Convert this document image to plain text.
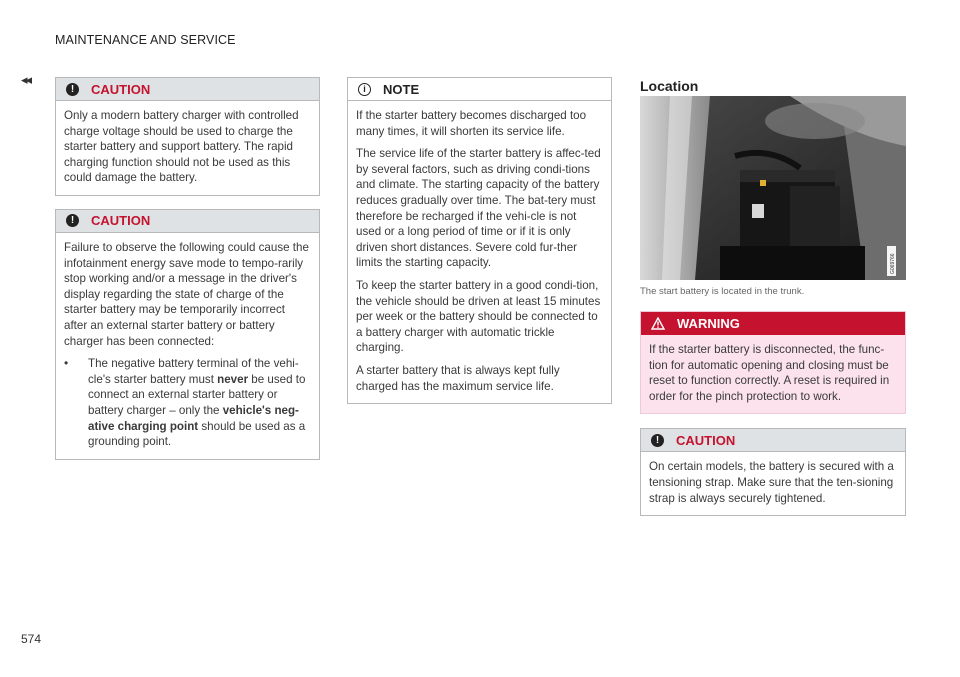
MAINTENANCE AND SERVICE
◂◂
574
!	CAUTION

Only a modern battery charger with controlled charge voltage should be used to charge the starter battery and support battery. The rapid charging function should not be used as this could damage the battery.

!	CAUTION

Failure to observe the following could cause the infotainment energy save mode to tempo-rarily stop working and/or a message in the driver's display regarding the state of charge of the starter battery may be temporarily incorrect after an external starter battery or battery charger has been connected:

•	The negative battery terminal of the vehi-cle's starter battery must never be used to connect an external starter battery or battery charger – only the vehicle's neg-ative charging point should be used as a grounding point.
i	NOTE

If the starter battery becomes discharged too many times, it will shorten its service life.

The service life of the starter battery is affec-ted by several factors, such as driving condi-tions and climate. The starting capacity of the battery reduces gradually over time. The bat-tery must therefore be recharged if the vehi-cle is not used or a long period of time or if it is only driven short distances. Severe cold fur-ther limits the starting capacity.

To keep the starter battery in a good condi-tion, the vehicle should be driven at least 15 minutes per week or the battery should be connected to a battery charger with automatic trickle charging.

A starter battery that is always kept fully charged has the maximum service life.

Location
G069766
The start battery is located in the trunk.
WARNING

If the starter battery is disconnected, the func-tion for automatic opening and closing must be reset to function correctly. A reset is required in order for the pinch protection to work.

!	CAUTION

On certain models, the battery is secured with a tensioning strap. Make sure that the ten-sioning strap is always securely tightened.
